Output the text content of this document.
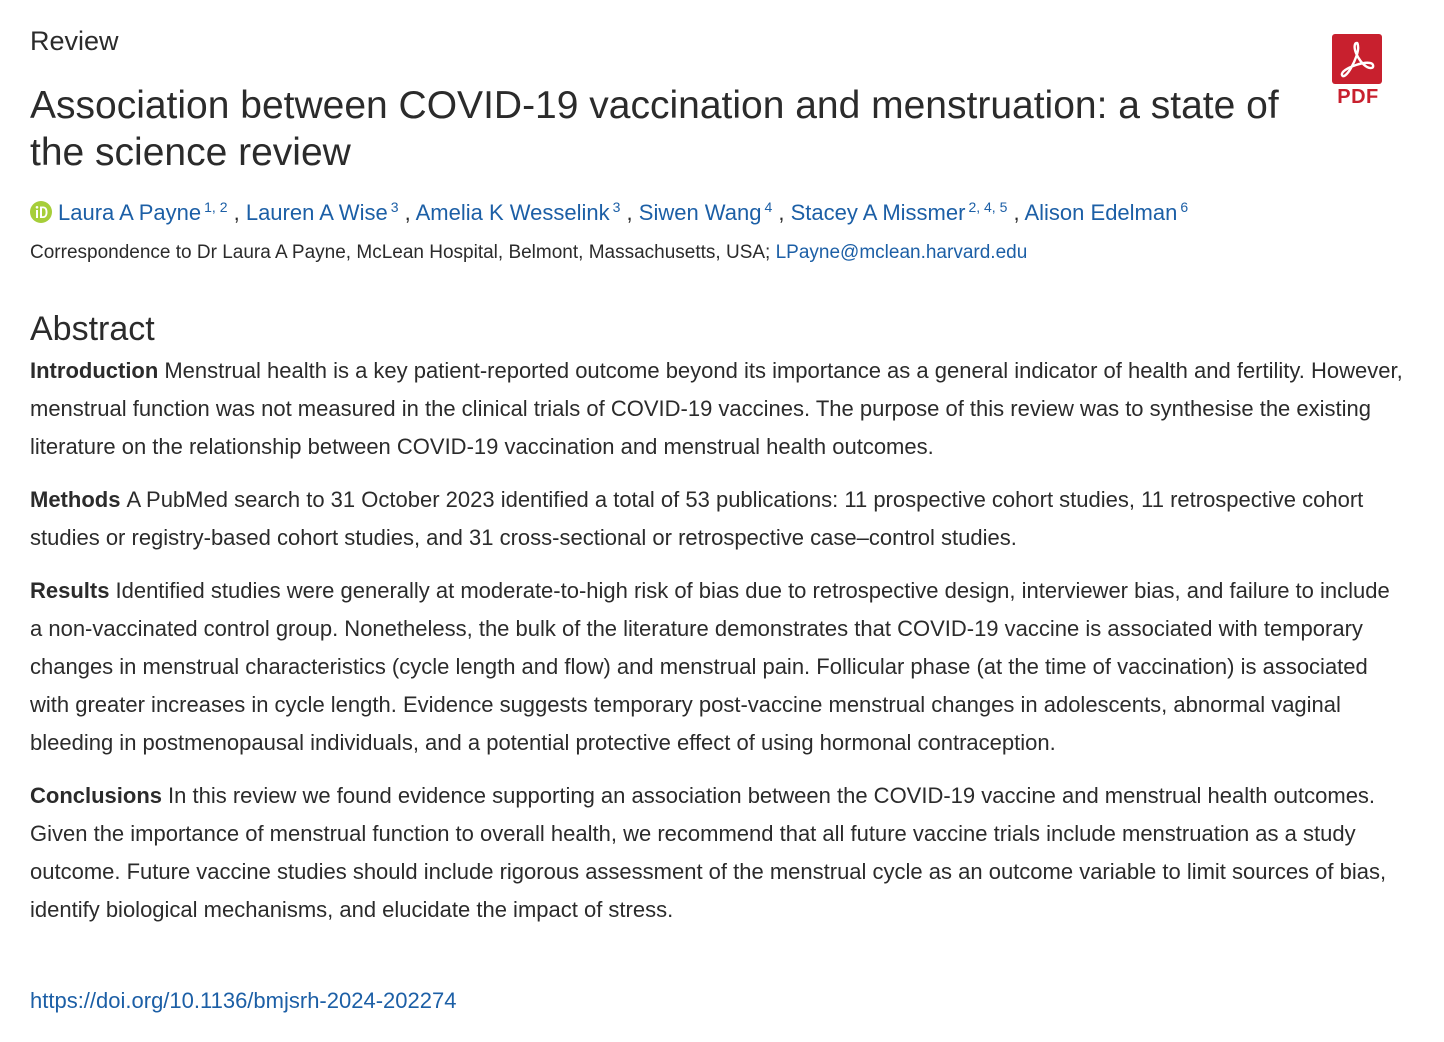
Review
Association between COVID-19 vaccination and menstruation: a state of the science review
PDF
Laura A Payne $^{1, 2}$ , Lauren A Wise $^3$ , Amelia K Wesselink $^3$ , Siwen Wang $^4$ , Stacey A Missmer $^{2, 4, 5}$ , Alison Edelman $^6$
Correspondence to Dr Laura A Payne, McLean Hospital, Belmont, Massachusetts, USA; LPayne@mclean.harvard.edu
Abstract

Introduction Menstrual health is a key patient-reported outcome beyond its importance as a general indicator of health and fertility. However, menstrual function was not measured in the clinical trials of COVID-19 vaccines. The purpose of this review was to synthesise the existing literature on the relationship between COVID-19 vaccination and menstrual health outcomes.

Methods A PubMed search to 31 October 2023 identified a total of 53 publications: 11 prospective cohort studies, 11 retrospective cohort studies or registry-based cohort studies, and 31 cross-sectional or retrospective case–control studies.

Results Identified studies were generally at moderate-to-high risk of bias due to retrospective design, interviewer bias, and failure to include a non-vaccinated control group. Nonetheless, the bulk of the literature demonstrates that COVID-19 vaccine is associated with temporary changes in menstrual characteristics (cycle length and flow) and menstrual pain. Follicular phase (at the time of vaccination) is associated with greater increases in cycle length. Evidence suggests temporary post-vaccine menstrual changes in adolescents, abnormal vaginal bleeding in postmenopausal individuals, and a potential protective effect of using hormonal contraception.

Conclusions In this review we found evidence supporting an association between the COVID-19 vaccine and menstrual health outcomes. Given the importance of menstrual function to overall health, we recommend that all future vaccine trials include menstruation as a study outcome. Future vaccine studies should include rigorous assessment of the menstrual cycle as an outcome variable to limit sources of bias, identify biological mechanisms, and elucidate the impact of stress.

https://doi.org/10.1136/bmjsrh-2024-202274
